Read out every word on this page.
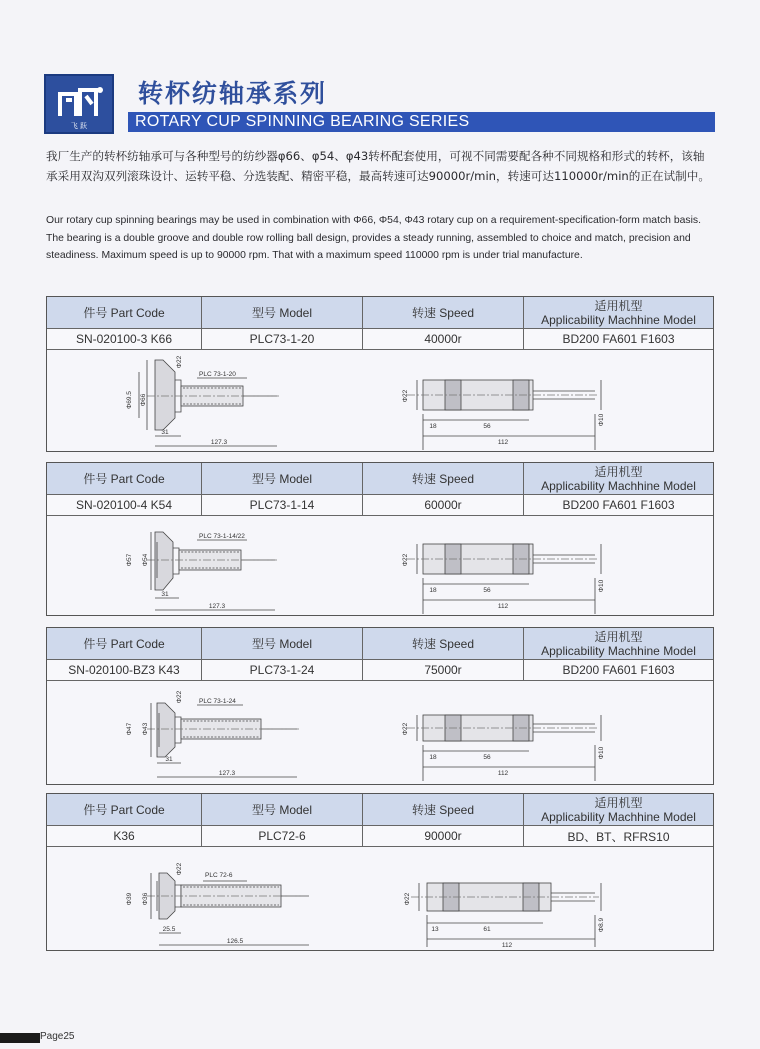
飞 跃
转杯纺轴承系列
ROTARY CUP SPINNING BEARING SERIES
我厂生产的转杯纺轴承可与各种型号的纺纱器φ66、φ54、φ43转杯配套使用，可视不同需要配各种不同规格和形式的转杯，该轴承采用双沟双列滚珠设计、运转平稳、分选装配、精密平稳，最高转速可达90000r/min，转速可达110000r/min的正在试制中。
Our rotary cup spinning bearings may be used in combination with Φ66, Φ54, Φ43 rotary cup on a requirement-specification-form match basis. The bearing is a double groove and double row rolling ball design, provides a steady running, assembled to choice and match, precision and steadiness. Maximum speed is up to 90000 rpm. That with a maximum speed 110000 rpm is under trial manufacture.
件号 Part Code	型号 Model	转速 Speed	适用机型
Applicability Machhine Model

SN-020100-3 K66	PLC73-1-20	40000r	BD200 FA601 F1603
Φ69.5 Φ66
Φ22
PLC 73-1-20
31
127.3
Φ22
Φ10
18	56
112
件号 Part Code	型号 Model	转速 Speed	适用机型
Applicability Machhine Model

SN-020100-4 K54	PLC73-1-14	60000r	BD200 FA601 F1603
Φ57 Φ54
PLC 73-1-14/22
31
127.3
Φ22
Φ10
18	56
112
件号 Part Code	型号 Model	转速 Speed	适用机型
Applicability Machhine Model

SN-020100-BZ3 K43	PLC73-1-24	75000r	BD200 FA601 F1603
Φ47 Φ43
Φ22 PLC 73-1-24
31
127.3
Φ22
Φ10
18	56
112
件号 Part Code	型号 Model	转速 Speed	适用机型
Applicability Machhine Model

K36	PLC72-6	90000r	BD、BT、RFRS10
Φ39 Φ36
Φ22
PLC 72-6
25.5
126.5
Φ22
Φ8.9
13	61
112
Page25
